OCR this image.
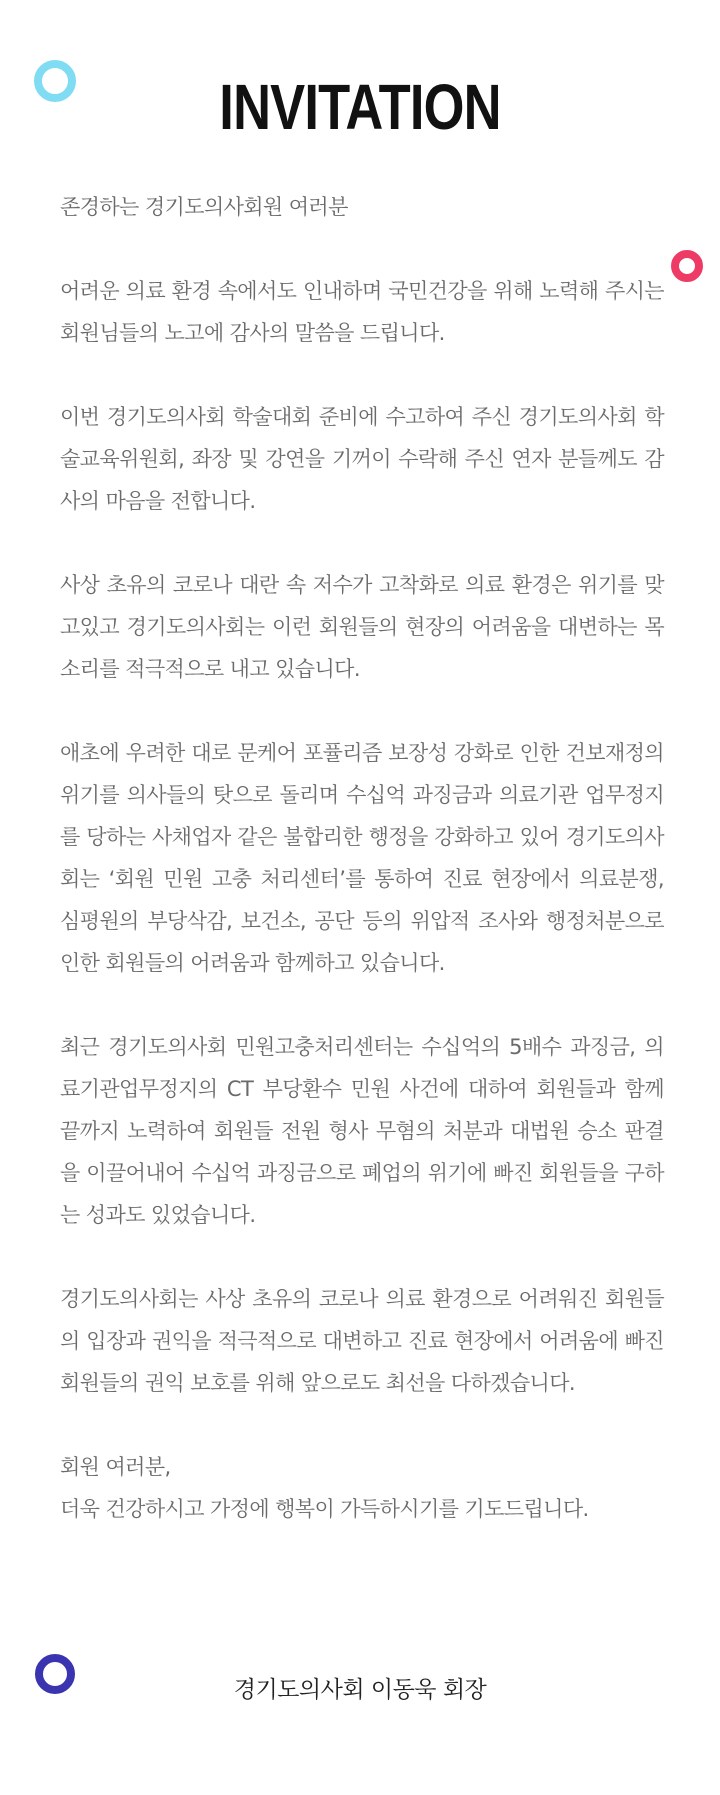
INVITATION

존경하는 경기도의사회원 여러분

어려운 의료 환경 속에서도 인내하며 국민건강을 위해 노력해 주시는 회원님들의 노고에 감사의 말씀을 드립니다.

이번 경기도의사회 학술대회 준비에 수고하여 주신 경기도의사회 학술교육위원회, 좌장 및 강연을 기꺼이 수락해 주신 연자 분들께도 감사의 마음을 전합니다.

사상 초유의 코로나 대란 속 저수가 고착화로 의료 환경은 위기를 맞고있고 경기도의사회는 이런 회원들의 현장의 어려움을 대변하는 목소리를 적극적으로 내고 있습니다.

애초에 우려한 대로 문케어 포퓰리즘 보장성 강화로 인한 건보재정의 위기를 의사들의 탓으로 돌리며 수십억 과징금과 의료기관 업무정지를 당하는 사채업자 같은 불합리한 행정을 강화하고 있어 경기도의사회는 ‘회원 민원 고충 처리센터’를 통하여 진료 현장에서 의료분쟁, 심평원의 부당삭감, 보건소, 공단 등의 위압적 조사와 행정처분으로 인한 회원들의 어려움과 함께하고 있습니다.

최근 경기도의사회 민원고충처리센터는 수십억의 5배수 과징금, 의료기관업무정지의 CT 부당환수 민원 사건에 대하여 회원들과 함께 끝까지 노력하여 회원들 전원 형사 무혐의 처분과 대법원 승소 판결을 이끌어내어 수십억 과징금으로 폐업의 위기에 빠진 회원들을 구하는 성과도 있었습니다.

경기도의사회는 사상 초유의 코로나 의료 환경으로 어려워진 회원들의 입장과 권익을 적극적으로 대변하고 진료 현장에서 어려움에 빠진 회원들의 권익 보호를 위해 앞으로도 최선을 다하겠습니다.

회원 여러분,
더욱 건강하시고 가정에 행복이 가득하시기를 기도드립니다.

경기도의사회 이동욱 회장
